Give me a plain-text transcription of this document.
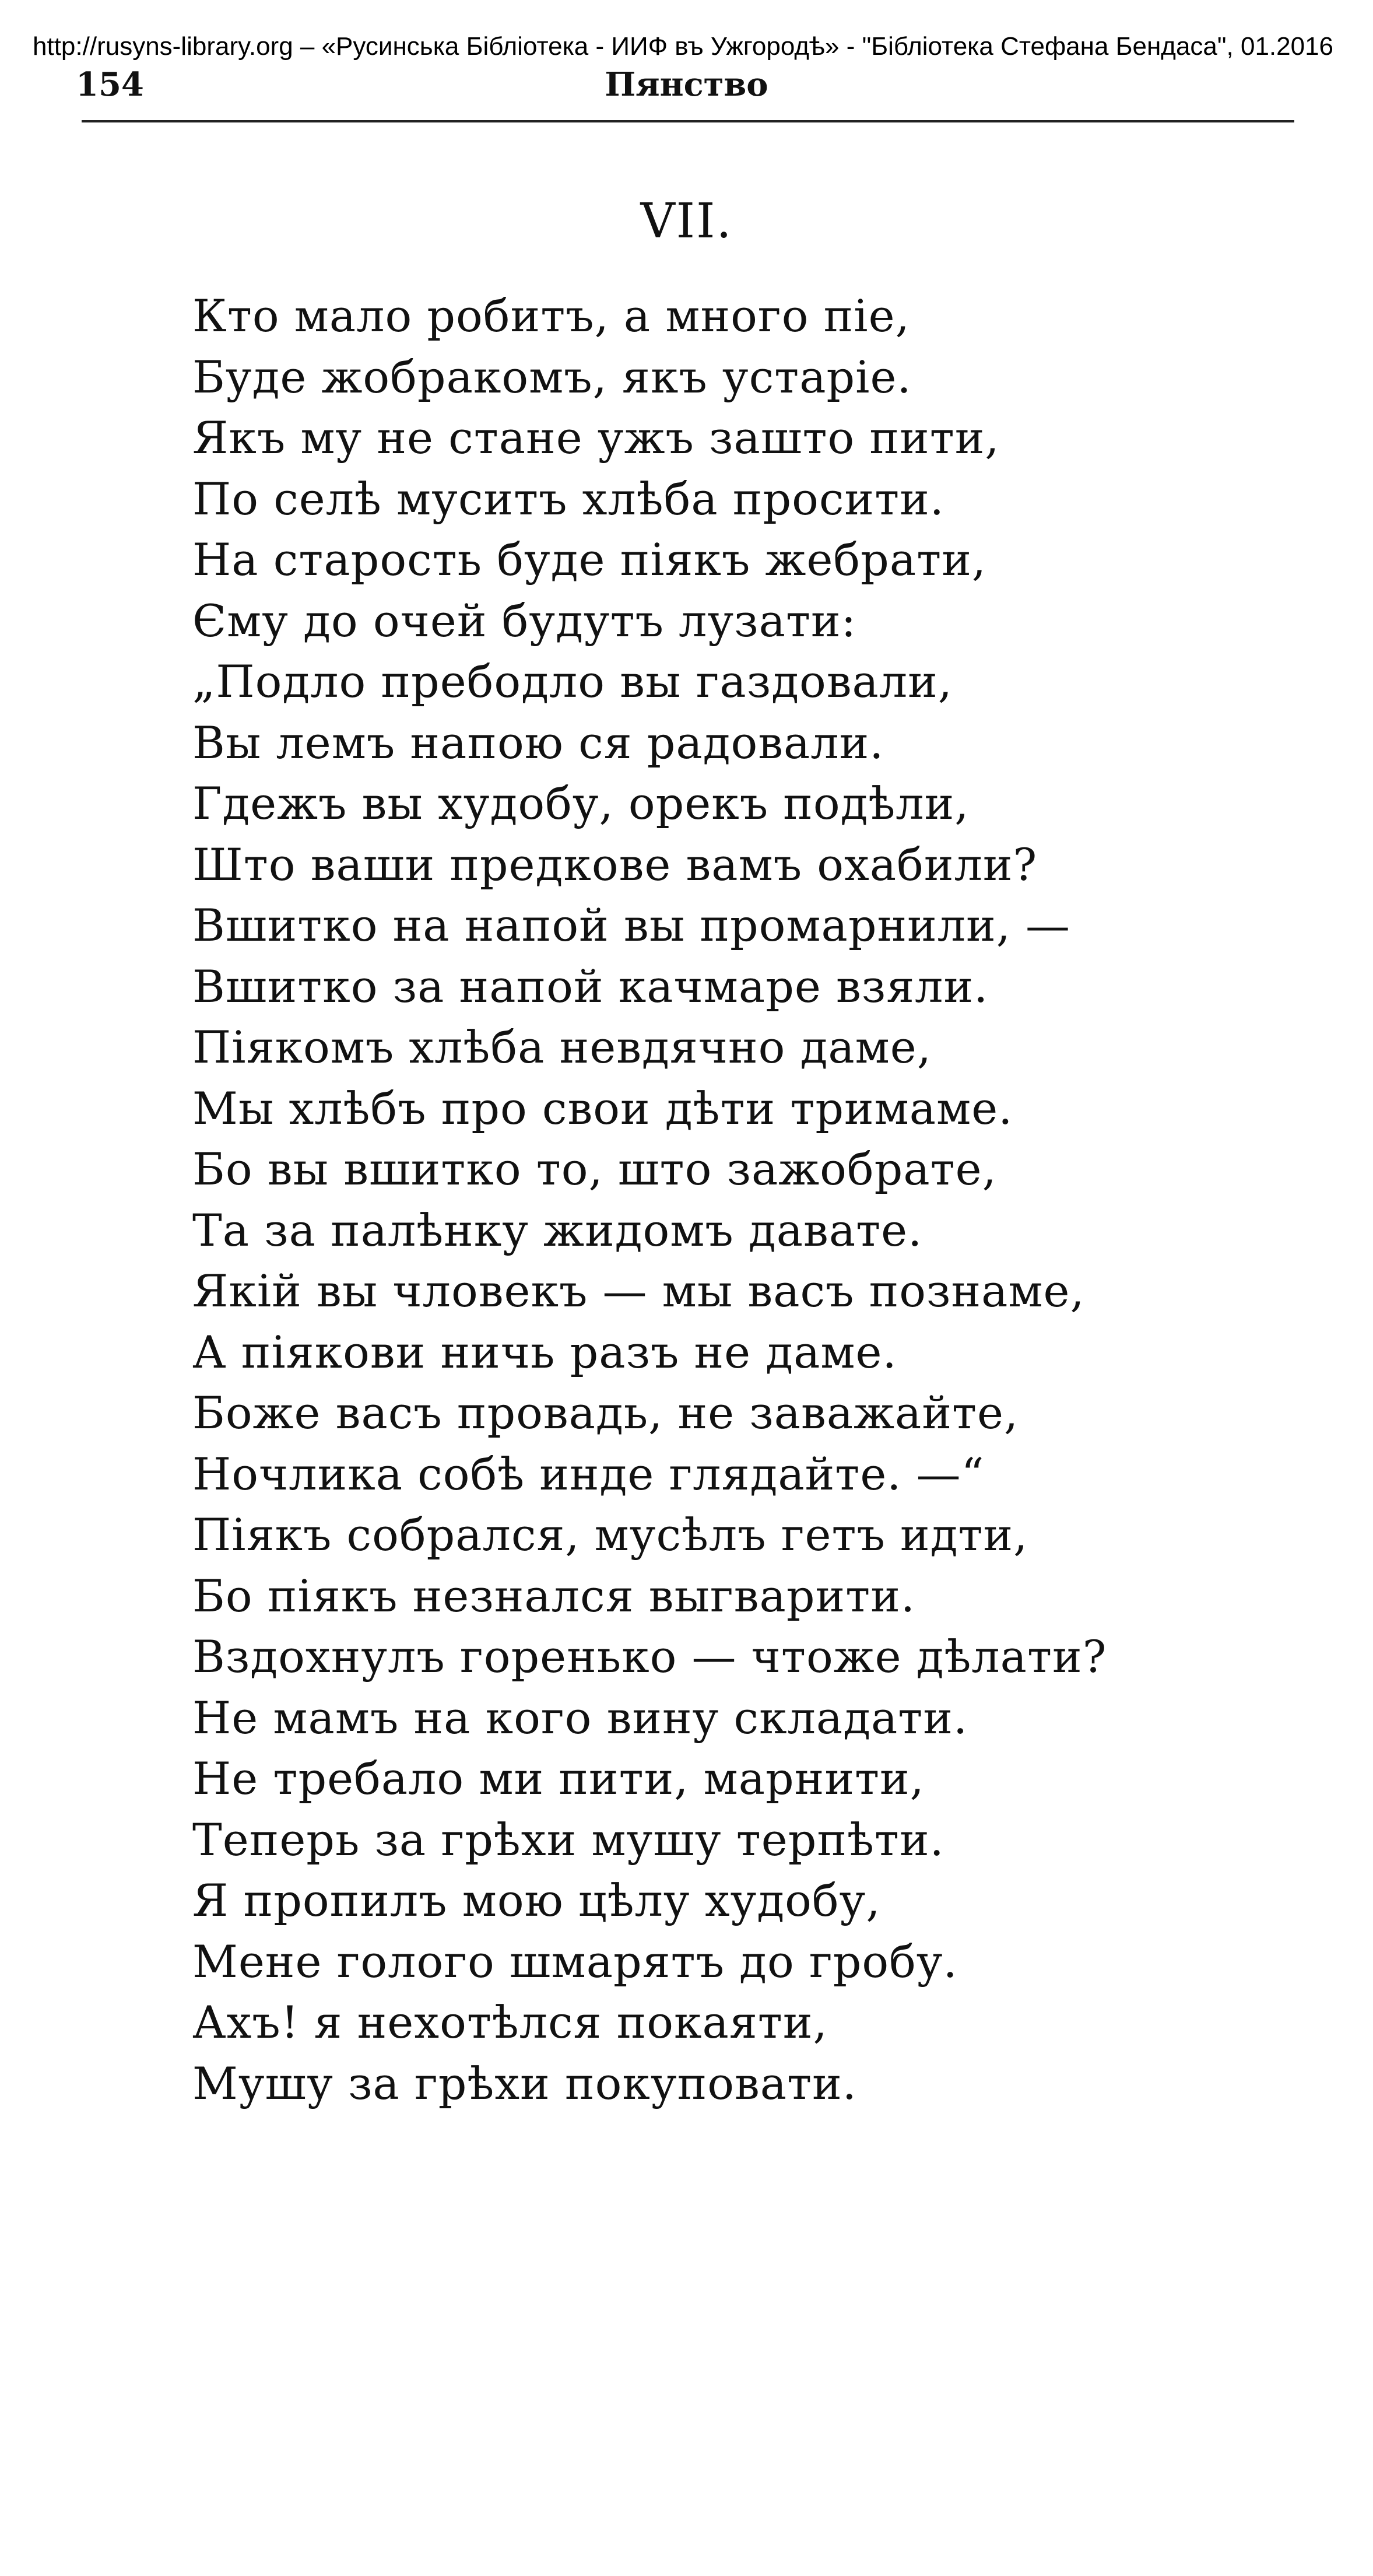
http://rusyns-library.org – «Русинська Бібліотека - ИИФ въ Ужгородѣ» - "Бібліотека Стефана Бендаса", 01.2016
154	Пянство
VII.
Кто мало робитъ, а много піе,
Буде жобракомъ, якъ устаріе.
Якъ му не стане ужъ заштo пити,
По селѣ муситъ хлѣба просити.
На старость буде піякъ жебрати,
Єму до очей будутъ лузати:
„Подло пребодло вы газдовали,
Вы лемъ напою ся радовали.
Гдежъ вы худобу, орекъ подѣли,
Што ваши предкове вамъ охабили?
Вшитко на напой вы промарнили, —
Вшитко за напой качмаре взяли.
Піякомъ хлѣба невдячно даме,
Мы хлѣбъ про свои дѣти тримаме.
Бо вы вшитко то, што зажобрате,
Та за палѣнку жидомъ давате.
Якій вы чловекъ — мы васъ познаме,
А піякови ничь разъ не даме.
Боже васъ провадь, не заважайте,
Ночлика собѣ инде глядайте. —“
Піякъ собрался, мусѣлъ гетъ идти,
Бо піякъ незнался выгварити.
Вздохнулъ горенько — чтоже дѣлати?
Не мамъ на кого вину складати.
Не требало ми пити, марнити,
Теперь за грѣхи мушу терпѣти.
Я пропилъ мою цѣлу худобу,
Мене голого шмарятъ до гробу.
Ахъ! я нехотѣлся покаяти,
Мушу за грѣхи покуповати.
